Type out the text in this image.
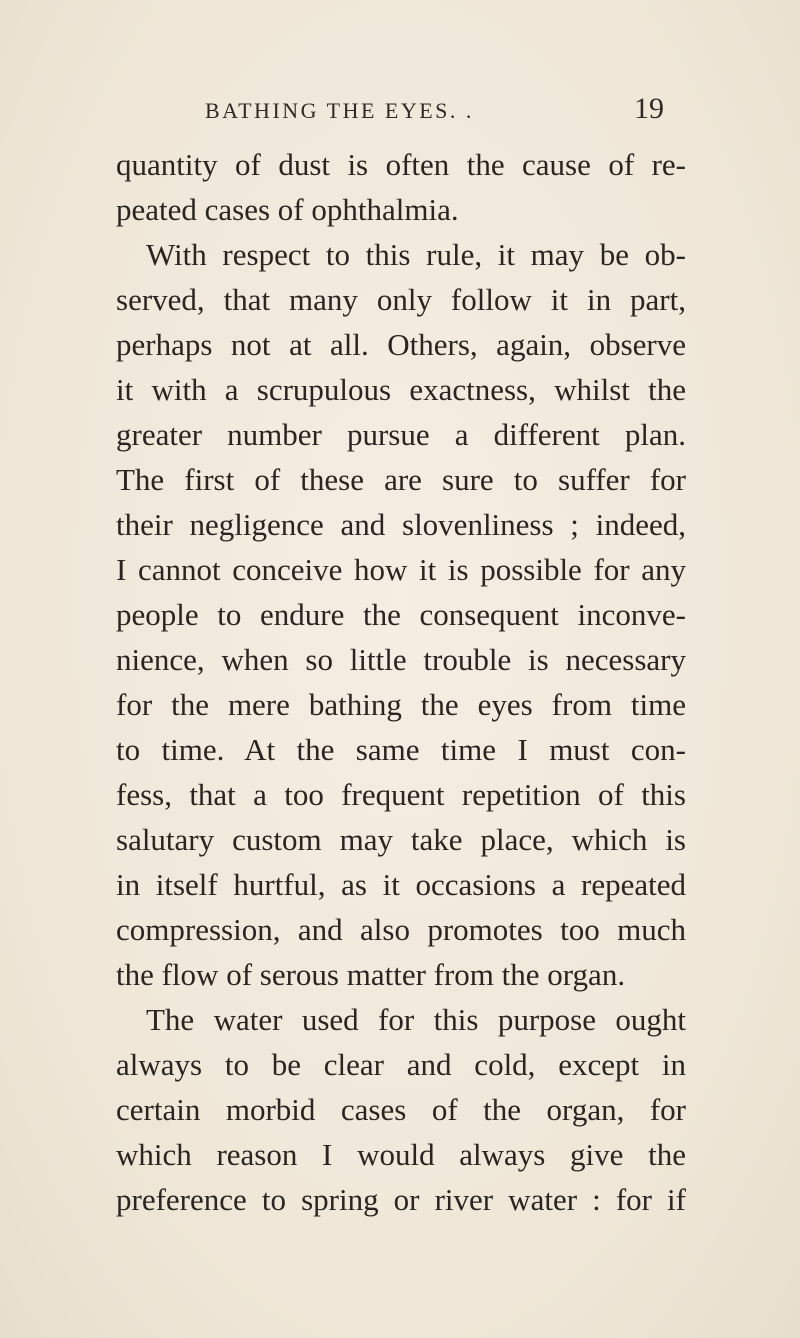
BATHING THE EYES. .	19
quantity of dust is often the cause of re-
peated cases of ophthalmia.
With respect to this rule, it may be ob-
served, that many only follow it in part,
perhaps not at all. Others, again, observe
it with a scrupulous exactness, whilst the
greater number pursue a different plan.
The first of these are sure to suffer for
their negligence and slovenliness ; indeed,
I cannot conceive how it is possible for any
people to endure the consequent inconve-
nience, when so little trouble is necessary
for the mere bathing the eyes from time
to time. At the same time I must con-
fess, that a too frequent repetition of this
salutary custom may take place, which is
in itself hurtful, as it occasions a repeated
compression, and also promotes too much
the flow of serous matter from the organ.
The water used for this purpose ought
always to be clear and cold, except in
certain morbid cases of the organ, for
which reason I would always give the
preference to spring or river water : for if
